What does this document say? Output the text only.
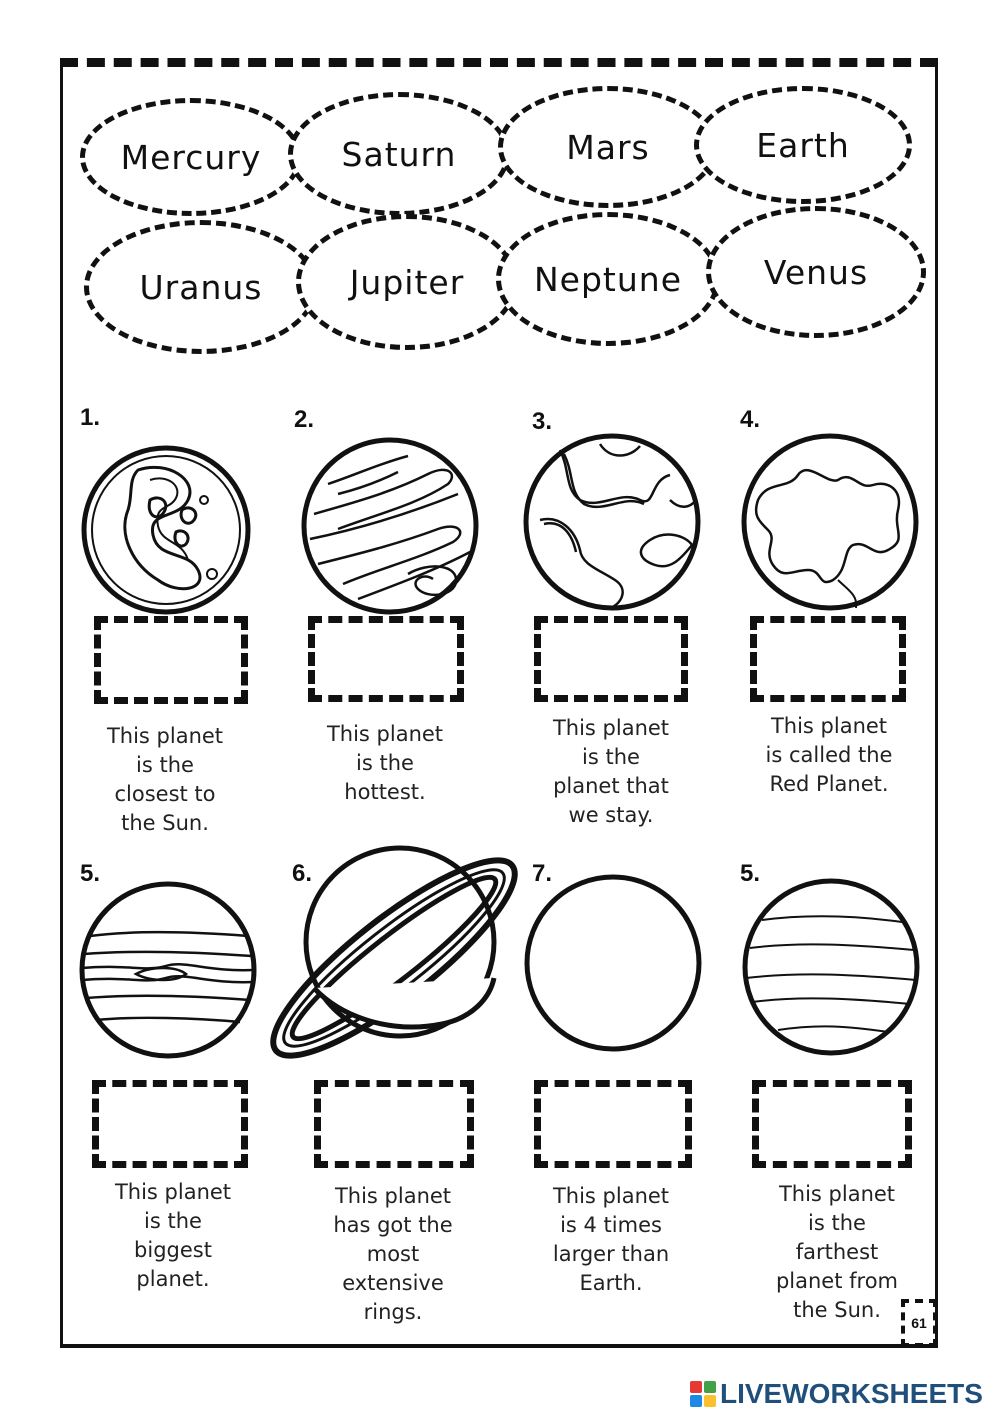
Mercury	Saturn	Mars	Earth
Uranus	Jupiter	Neptune	Venus
1.	2.	3.	4.
This planet
is the
closest to
the Sun.
This planet
is the
hottest.
This planet
is the
planet that
we stay.
This planet
is called the
Red Planet.
5.	6.	7.	5.
This planet
is the
biggest
planet.
This planet
has got the
most
extensive
rings.
This planet
is 4 times
larger than
Earth.
This planet
is the
farthest
planet from
the Sun.
61
LIVEWORKSHEETS
